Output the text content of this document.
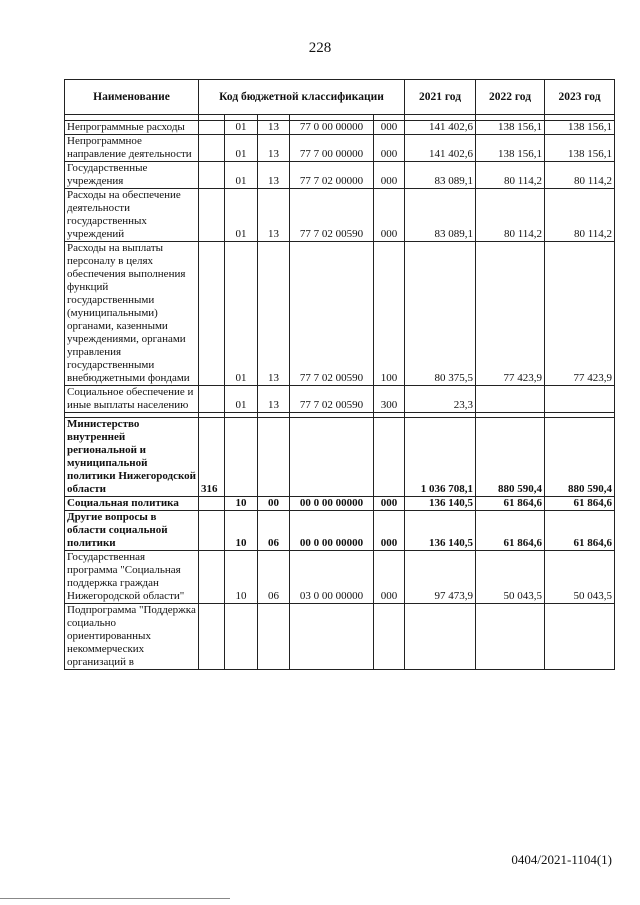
228
Наименование	Код бюджетной классификации					2021 год	2022 год	2023 год

Непрограммные расходы		01	13	77 0 00 00000	000	141 402,6	138 156,1	138 156,1
Непрограммное направление деятельности		01	13	77 7 00 00000	000	141 402,6	138 156,1	138 156,1
Государственные учреждения		01	13	77 7 02 00000	000	83 089,1	80 114,2	80 114,2
Расходы на обеспечение деятельности государственных учреждений		01	13	77 7 02 00590	000	83 089,1	80 114,2	80 114,2
Расходы на выплаты персоналу в целях обеспечения выполнения функций государственными (муниципальными) органами, казенными учреждениями, органами управления государственными внебюджетными фондами		01	13	77 7 02 00590	100	80 375,5	77 423,9	77 423,9
Социальное обеспечение и иные выплаты населению		01	13	77 7 02 00590	300	23,3		

Министерство внутренней региональной и муниципальной политики Нижегородской области	316					1 036 708,1	880 590,4	880 590,4
Социальная политика		10	00	00 0 00 00000	000	136 140,5	61 864,6	61 864,6
Другие вопросы в области социальной политики		10	06	00 0 00 00000	000	136 140,5	61 864,6	61 864,6
Государственная программа "Социальная поддержка граждан Нижегородской области"		10	06	03 0 00 00000	000	97 473,9	50 043,5	50 043,5
Подпрограмма "Поддержка социально ориентированных некоммерческих организаций в								
0404/2021-1104(1)
